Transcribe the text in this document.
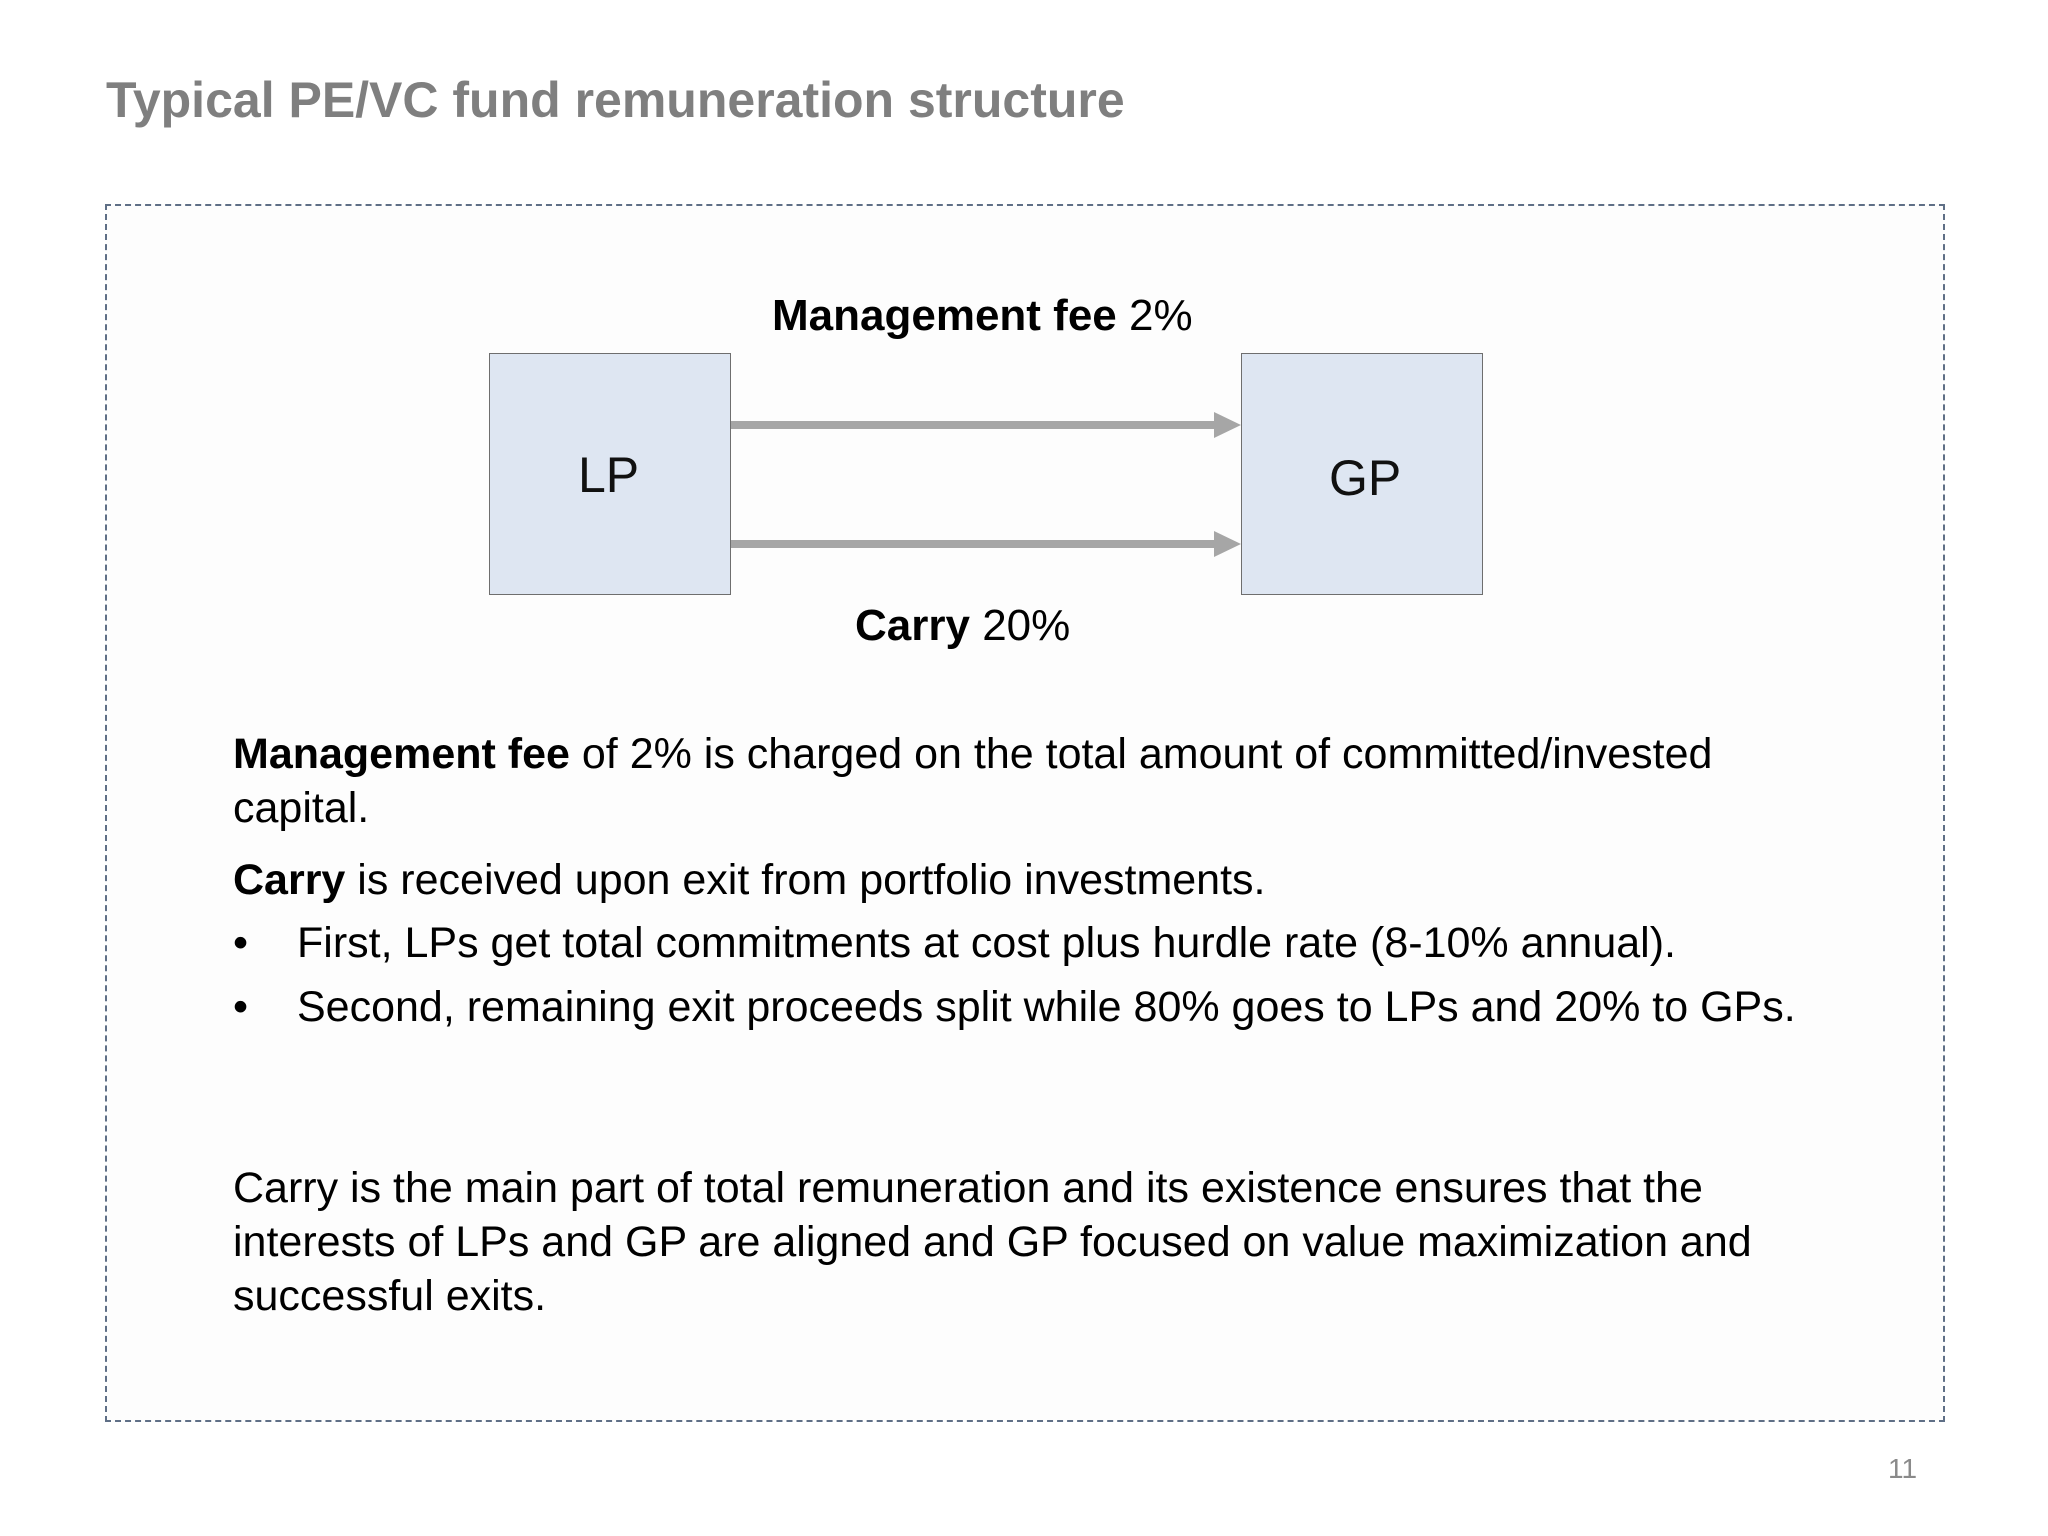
Typical PE/VC fund remuneration structure
Management fee 2%
LP	GP
Carry 20%
Management fee of 2% is charged on the total amount of committed/invested capital.
Carry is received upon exit from portfolio investments.
•	First, LPs get total commitments at cost plus hurdle rate (8-10% annual).
•	Second, remaining exit proceeds split while 80% goes to LPs and 20% to GPs.
Carry is the main part of total remuneration and its existence ensures that the interests of LPs and GP are aligned and GP focused on value maximization and successful exits.
11
